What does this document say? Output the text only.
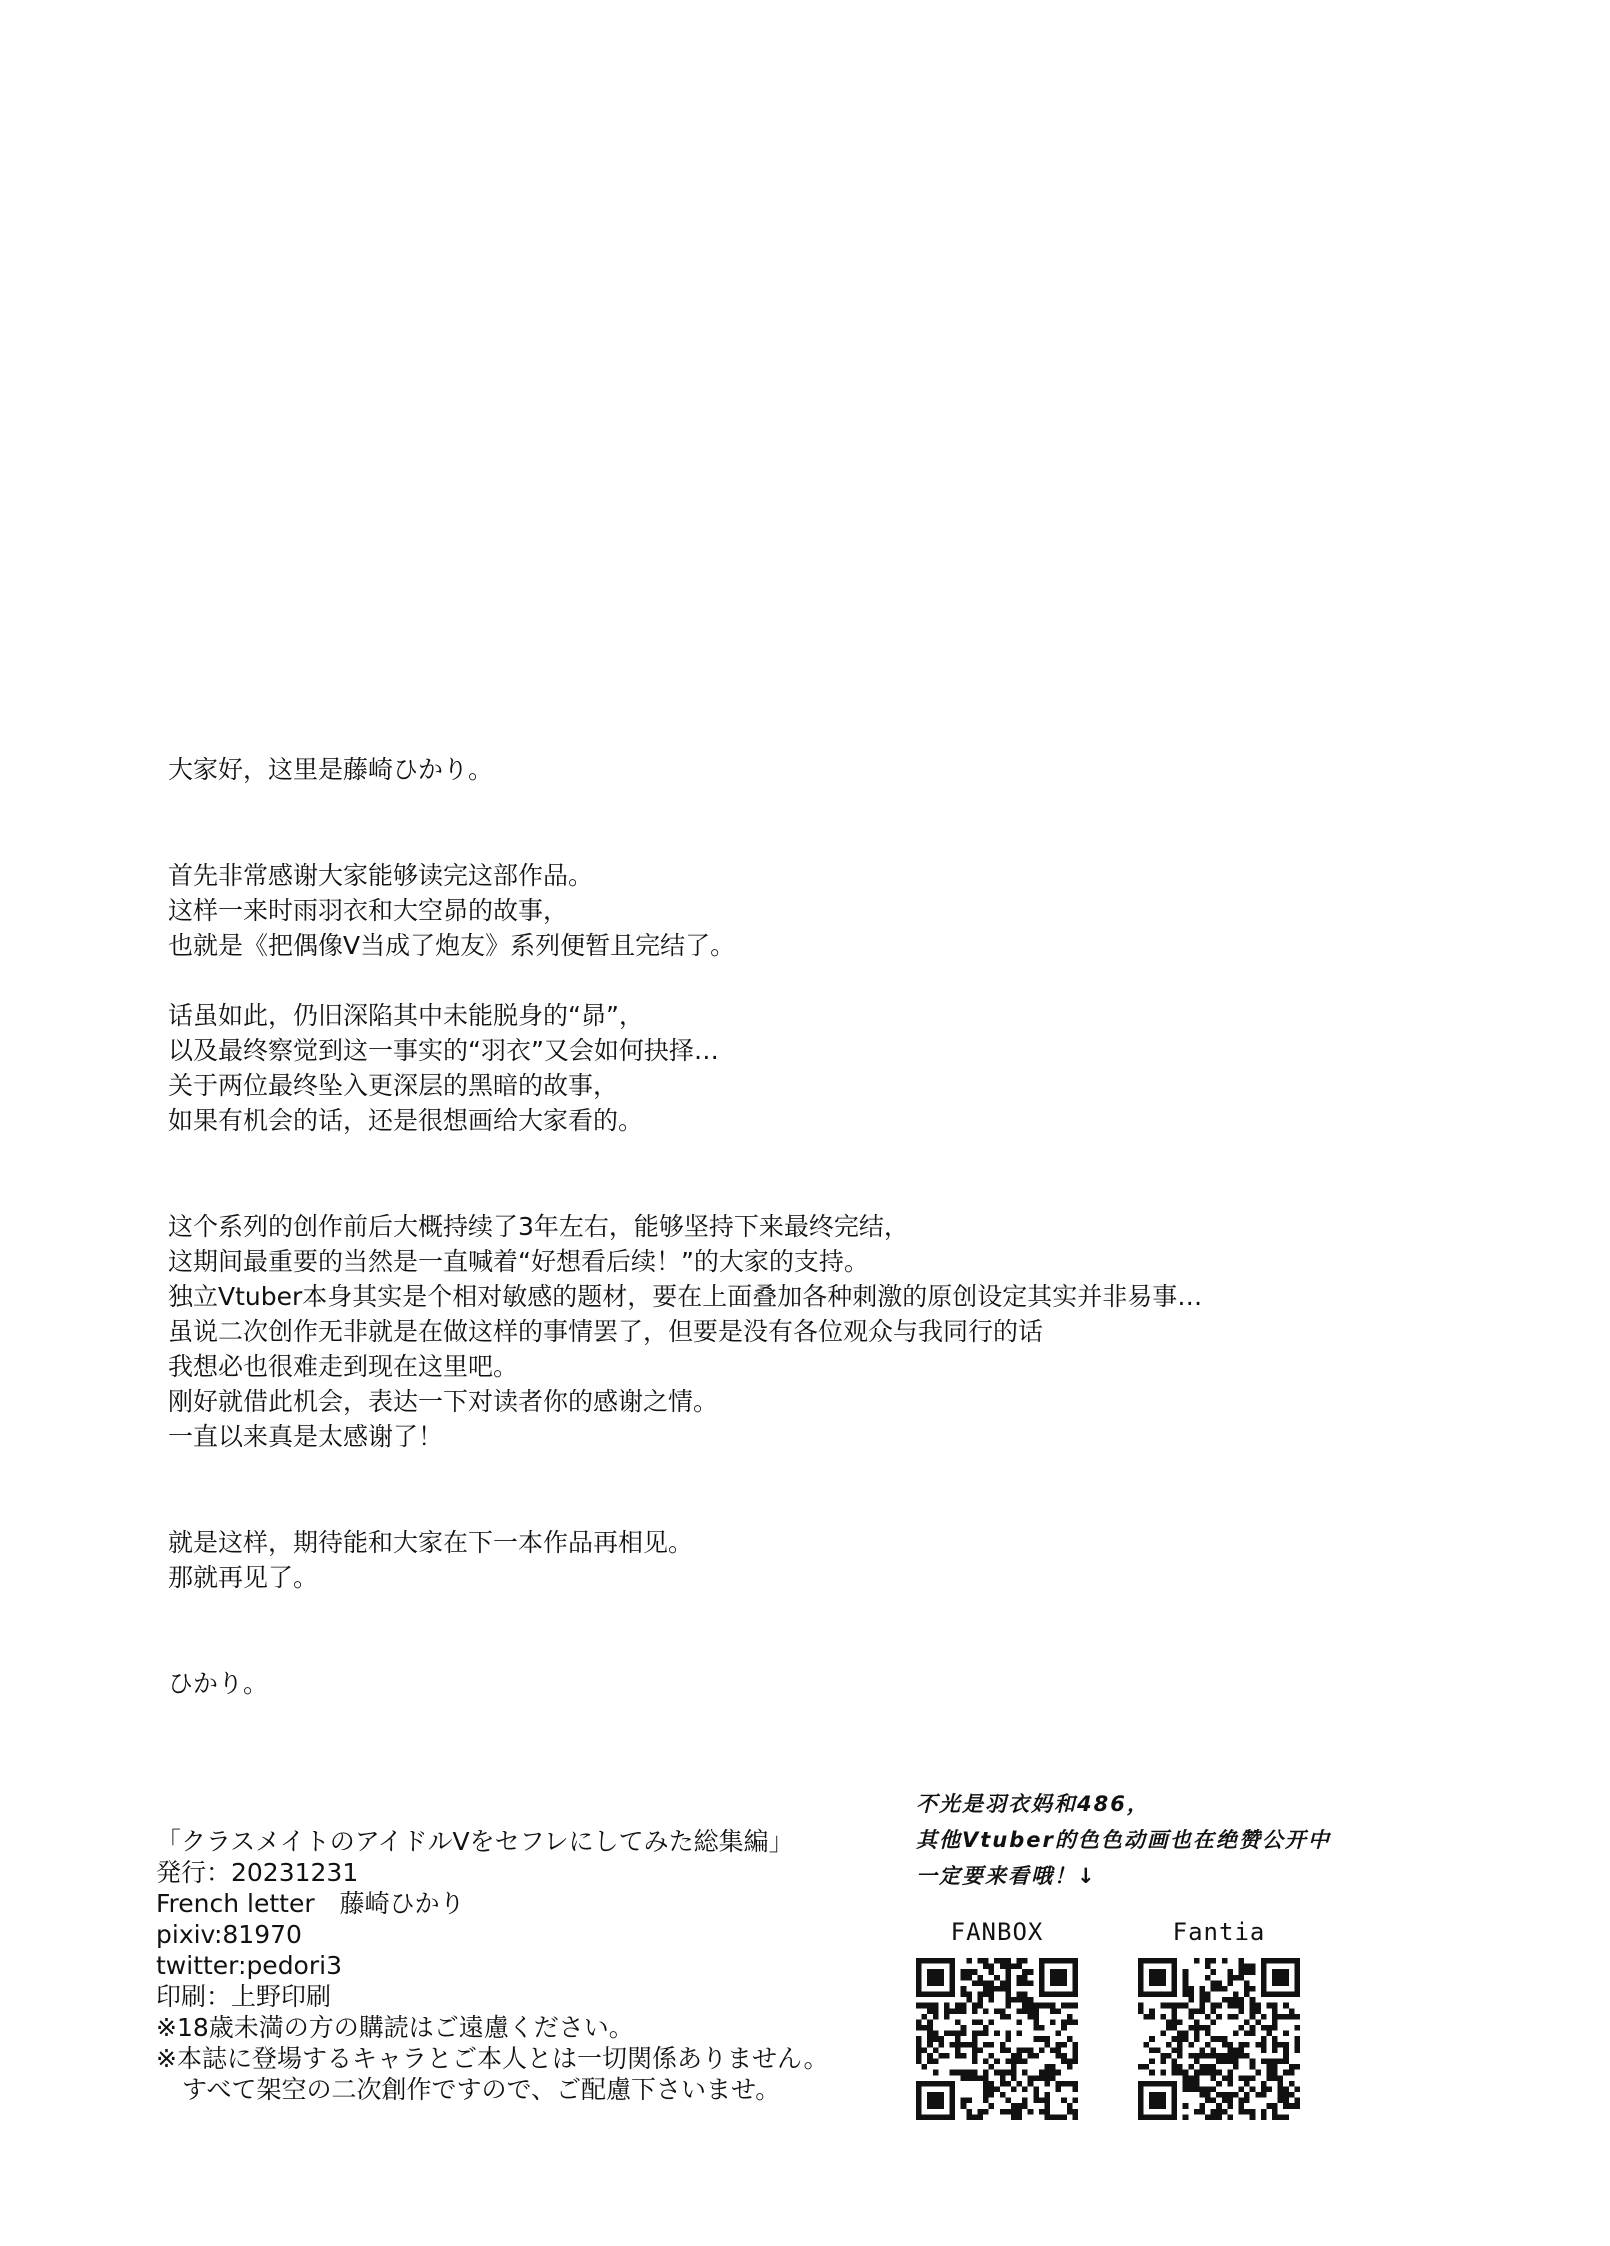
大家好，这里是藤崎ひかり。
首先非常感谢大家能够读完这部作品。
这样一来时雨羽衣和大空昴的故事，
也就是《把偶像V当成了炮友》系列便暂且完结了。
话虽如此，仍旧深陷其中未能脱身的“昴”，
以及最终察觉到这一事实的“羽衣”又会如何抉择…
关于两位最终坠入更深层的黑暗的故事，
如果有机会的话，还是很想画给大家看的。
这个系列的创作前后大概持续了3年左右，能够坚持下来最终完结，
这期间最重要的当然是一直喊着“好想看后续！”的大家的支持。
独立Vtuber本身其实是个相对敏感的题材，要在上面叠加各种刺激的原创设定其实并非易事…
虽说二次创作无非就是在做这样的事情罢了，但要是没有各位观众与我同行的话
我想必也很难走到现在这里吧。
刚好就借此机会，表达一下对读者你的感谢之情。
一直以来真是太感谢了！
就是这样，期待能和大家在下一本作品再相见。
那就再见了。
ひかり。
「クラスメイトのアイドルVをセフレにしてみた総集編」
発行：20231231
French letter　藤崎ひかり
pixiv:81970
twitter:pedori3
印刷：上野印刷
※18歳未満の方の購読はご遠慮ください。
※本誌に登場するキャラとご本人とは一切関係ありません。
すべて架空の二次創作ですので、ご配慮下さいませ。
不光是羽衣妈和486，
其他Vtuber的色色动画也在绝赞公开中
一定要来看哦！↓
FANBOX	Fantia
